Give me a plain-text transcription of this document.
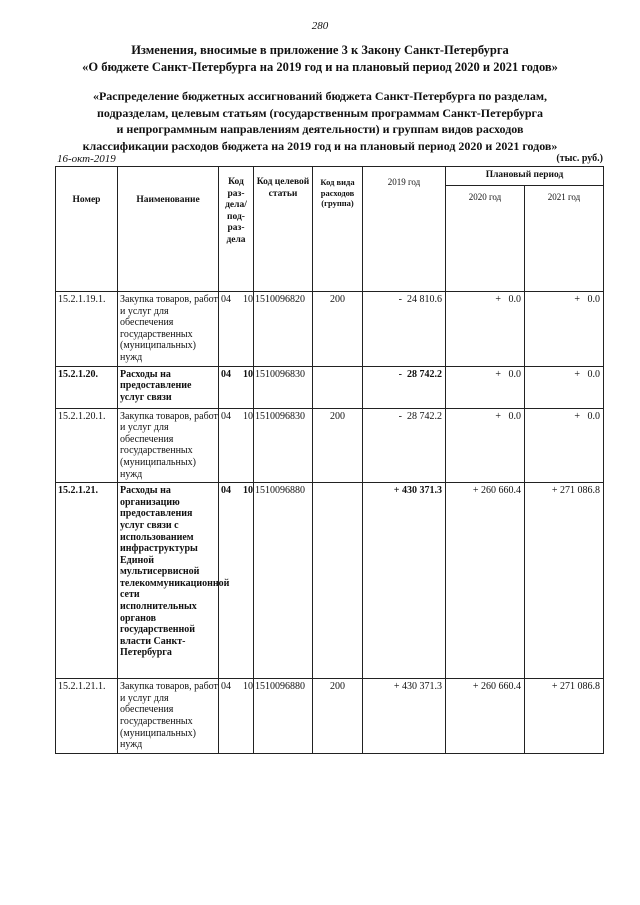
280
Изменения, вносимые в приложение 3 к Закону Санкт-Петербурга
«О бюджете Санкт-Петербурга на 2019 год и на плановый период 2020 и 2021 годов»
«Распределение бюджетных ассигнований бюджета Санкт-Петербурга по разделам,
подразделам, целевым статьям (государственным программам Санкт-Петербурга
и непрограммным направлениям деятельности) и группам видов расходов
классификации расходов бюджета на 2019 год и на плановый период 2020 и 2021 годов»
16-окт-2019	(тыс. руб.)
Номер	Наименование	Код раз-дела/ под-раз-дела	Код целевой статьи	Код вида расходов (группа)	2019 год	Плановый период	
						2020 год	2021 год
15.2.1.19.1.	Закупка товаров, работ и услуг для обеспечения государственных (муниципальных) нужд	04 10	1510096820	200	-  24 810.6	+   0.0	+   0.0
15.2.1.20.	Расходы на предоставление услуг связи	04 10	1510096830		-  28 742.2	+   0.0	+   0.0
15.2.1.20.1.	Закупка товаров, работ и услуг для обеспечения государственных (муниципальных) нужд	04 10	1510096830	200	-  28 742.2	+   0.0	+   0.0
15.2.1.21.	Расходы на организацию предоставления услуг связи с использованием инфраструктуры Единой мультисервисной телекоммуникационной сети исполнительных органов государственной власти Санкт-Петербурга	04 10	1510096880		+ 430 371.3	+ 260 660.4	+ 271 086.8
15.2.1.21.1.	Закупка товаров, работ и услуг для обеспечения государственных (муниципальных) нужд	04 10	1510096880	200	+ 430 371.3	+ 260 660.4	+ 271 086.8
